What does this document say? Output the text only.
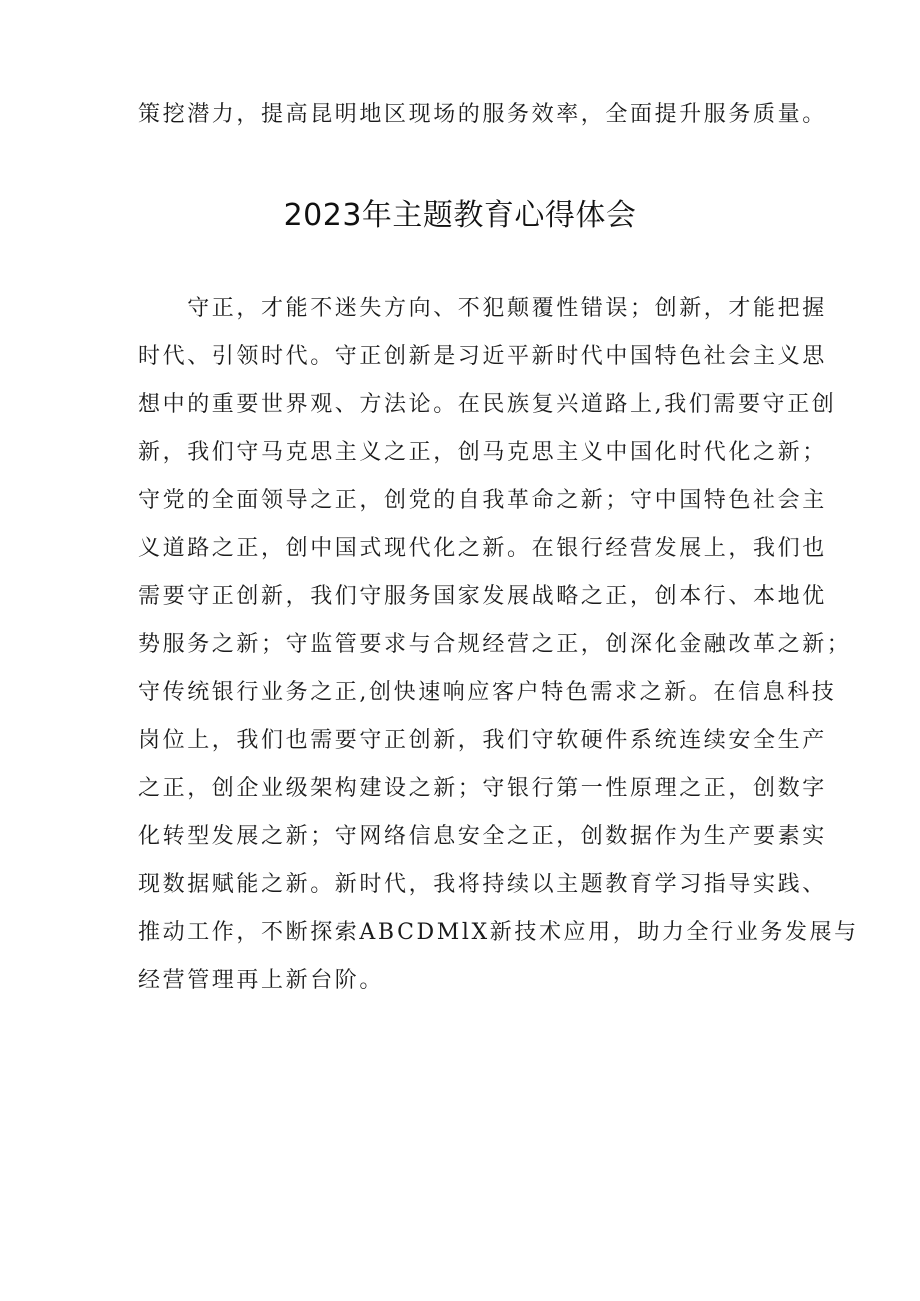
策挖潜力，提高昆明地区现场的服务效率，全面提升服务质量。
2023年主题教育心得体会
　　守正，才能不迷失方向、不犯颠覆性错误；创新，才能把握
时代、引领时代。守正创新是习近平新时代中国特色社会主义思
想中的重要世界观、方法论。在民族复兴道路上,我们需要守正创
新，我们守马克思主义之正，创马克思主义中国化时代化之新；
守党的全面领导之正，创党的自我革命之新；守中国特色社会主
义道路之正，创中国式现代化之新。在银行经营发展上，我们也
需要守正创新，我们守服务国家发展战略之正，创本行、本地优
势服务之新；守监管要求与合规经营之正，创深化金融改革之新；
守传统银行业务之正,创快速响应客户特色需求之新。在信息科技
岗位上，我们也需要守正创新，我们守软硬件系统连续安全生产
之正，创企业级架构建设之新；守银行第一性原理之正，创数字
化转型发展之新；守网络信息安全之正，创数据作为生产要素实
现数据赋能之新。新时代，我将持续以主题教育学习指导实践、
推动工作，不断探索ABCDMlX新技术应用，助力全行业务发展与
经营管理再上新台阶。
